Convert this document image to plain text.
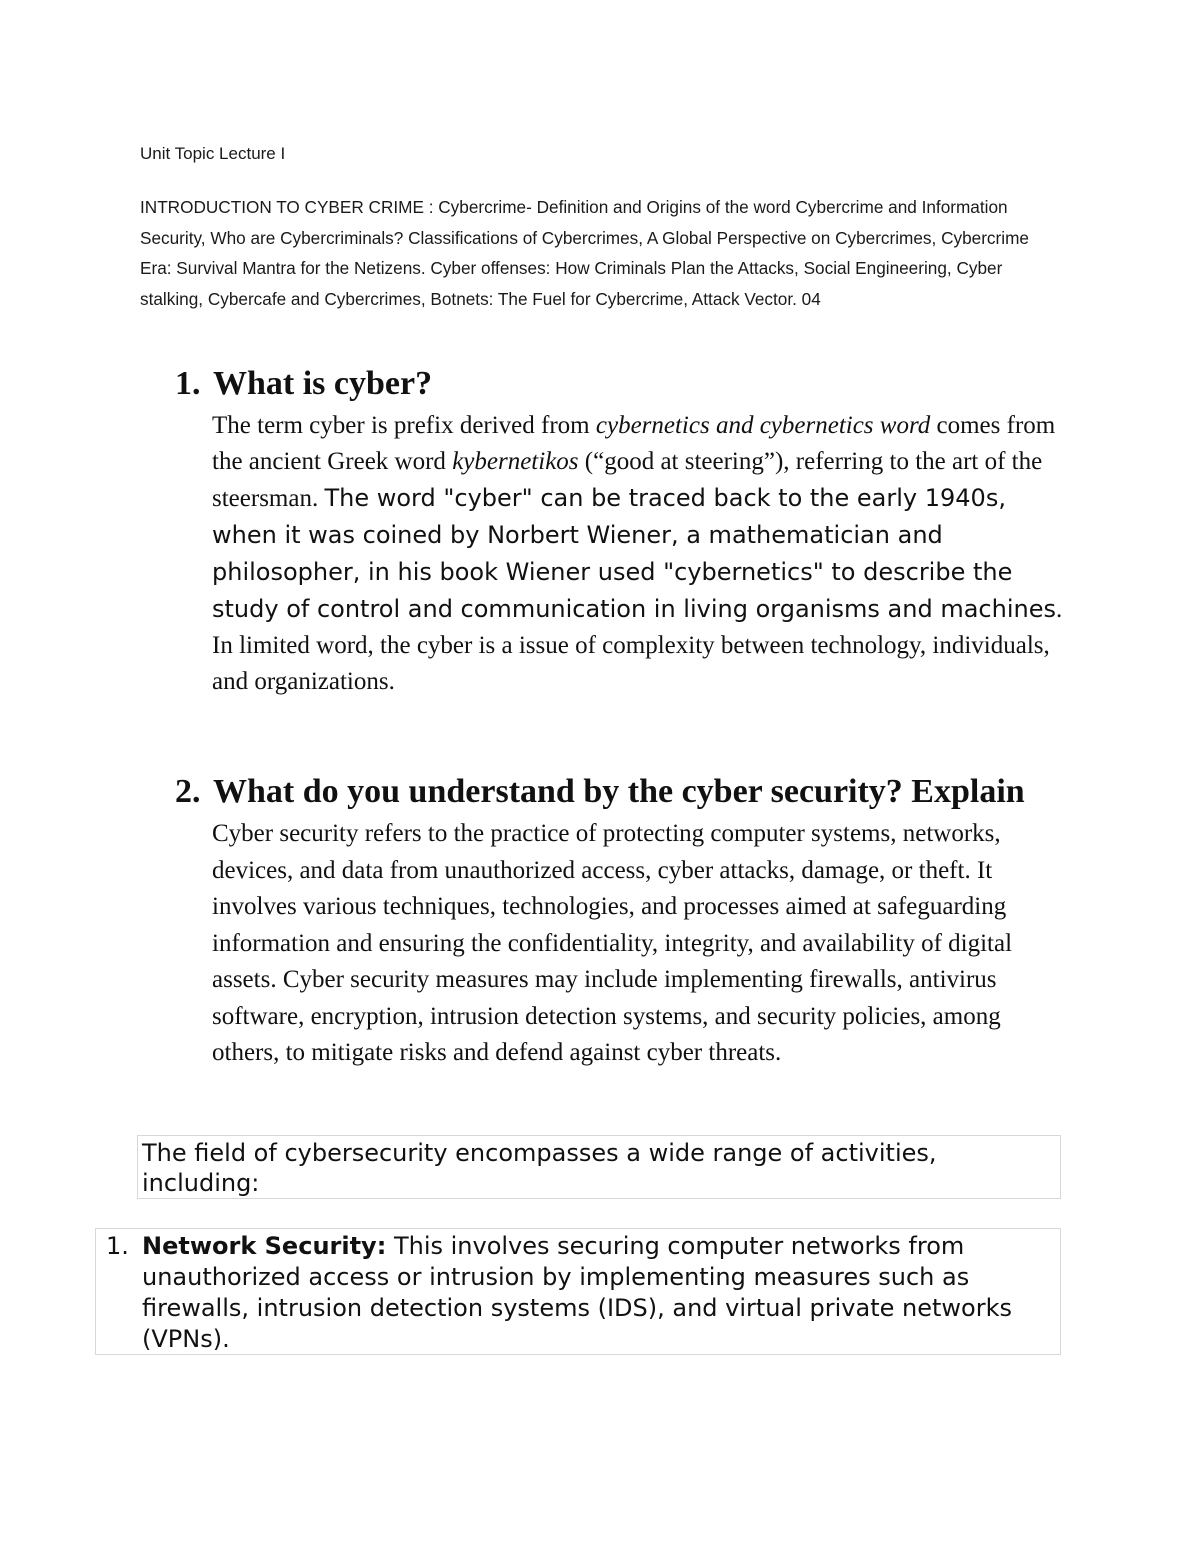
Unit Topic Lecture I
INTRODUCTION TO CYBER CRIME : Cybercrime- Definition and Origins of the word Cybercrime and Information Security, Who are Cybercriminals? Classifications of Cybercrimes, A Global Perspective on Cybercrimes, Cybercrime Era: Survival Mantra for the Netizens. Cyber offenses: How Criminals Plan the Attacks, Social Engineering, Cyber stalking, Cybercafe and Cybercrimes, Botnets: The Fuel for Cybercrime, Attack Vector. 04
1. What is cyber?
The term cyber is prefix derived from cybernetics and cybernetics word comes from the ancient Greek word kybernetikos (“good at steering”), referring to the art of the steersman. The word "cyber" can be traced back to the early 1940s, when it was coined by Norbert Wiener, a mathematician and philosopher, in his book Wiener used "cybernetics" to describe the study of control and communication in living organisms and machines. In limited word, the cyber is a issue of complexity between technology, individuals, and organizations.
2. What do you understand by the cyber security? Explain
Cyber security refers to the practice of protecting computer systems, networks, devices, and data from unauthorized access, cyber attacks, damage, or theft. It involves various techniques, technologies, and processes aimed at safeguarding information and ensuring the confidentiality, integrity, and availability of digital assets. Cyber security measures may include implementing firewalls, antivirus software, encryption, intrusion detection systems, and security policies, among others, to mitigate risks and defend against cyber threats.
The field of cybersecurity encompasses a wide range of activities, including:
1. Network Security: This involves securing computer networks from unauthorized access or intrusion by implementing measures such as firewalls, intrusion detection systems (IDS), and virtual private networks (VPNs).
